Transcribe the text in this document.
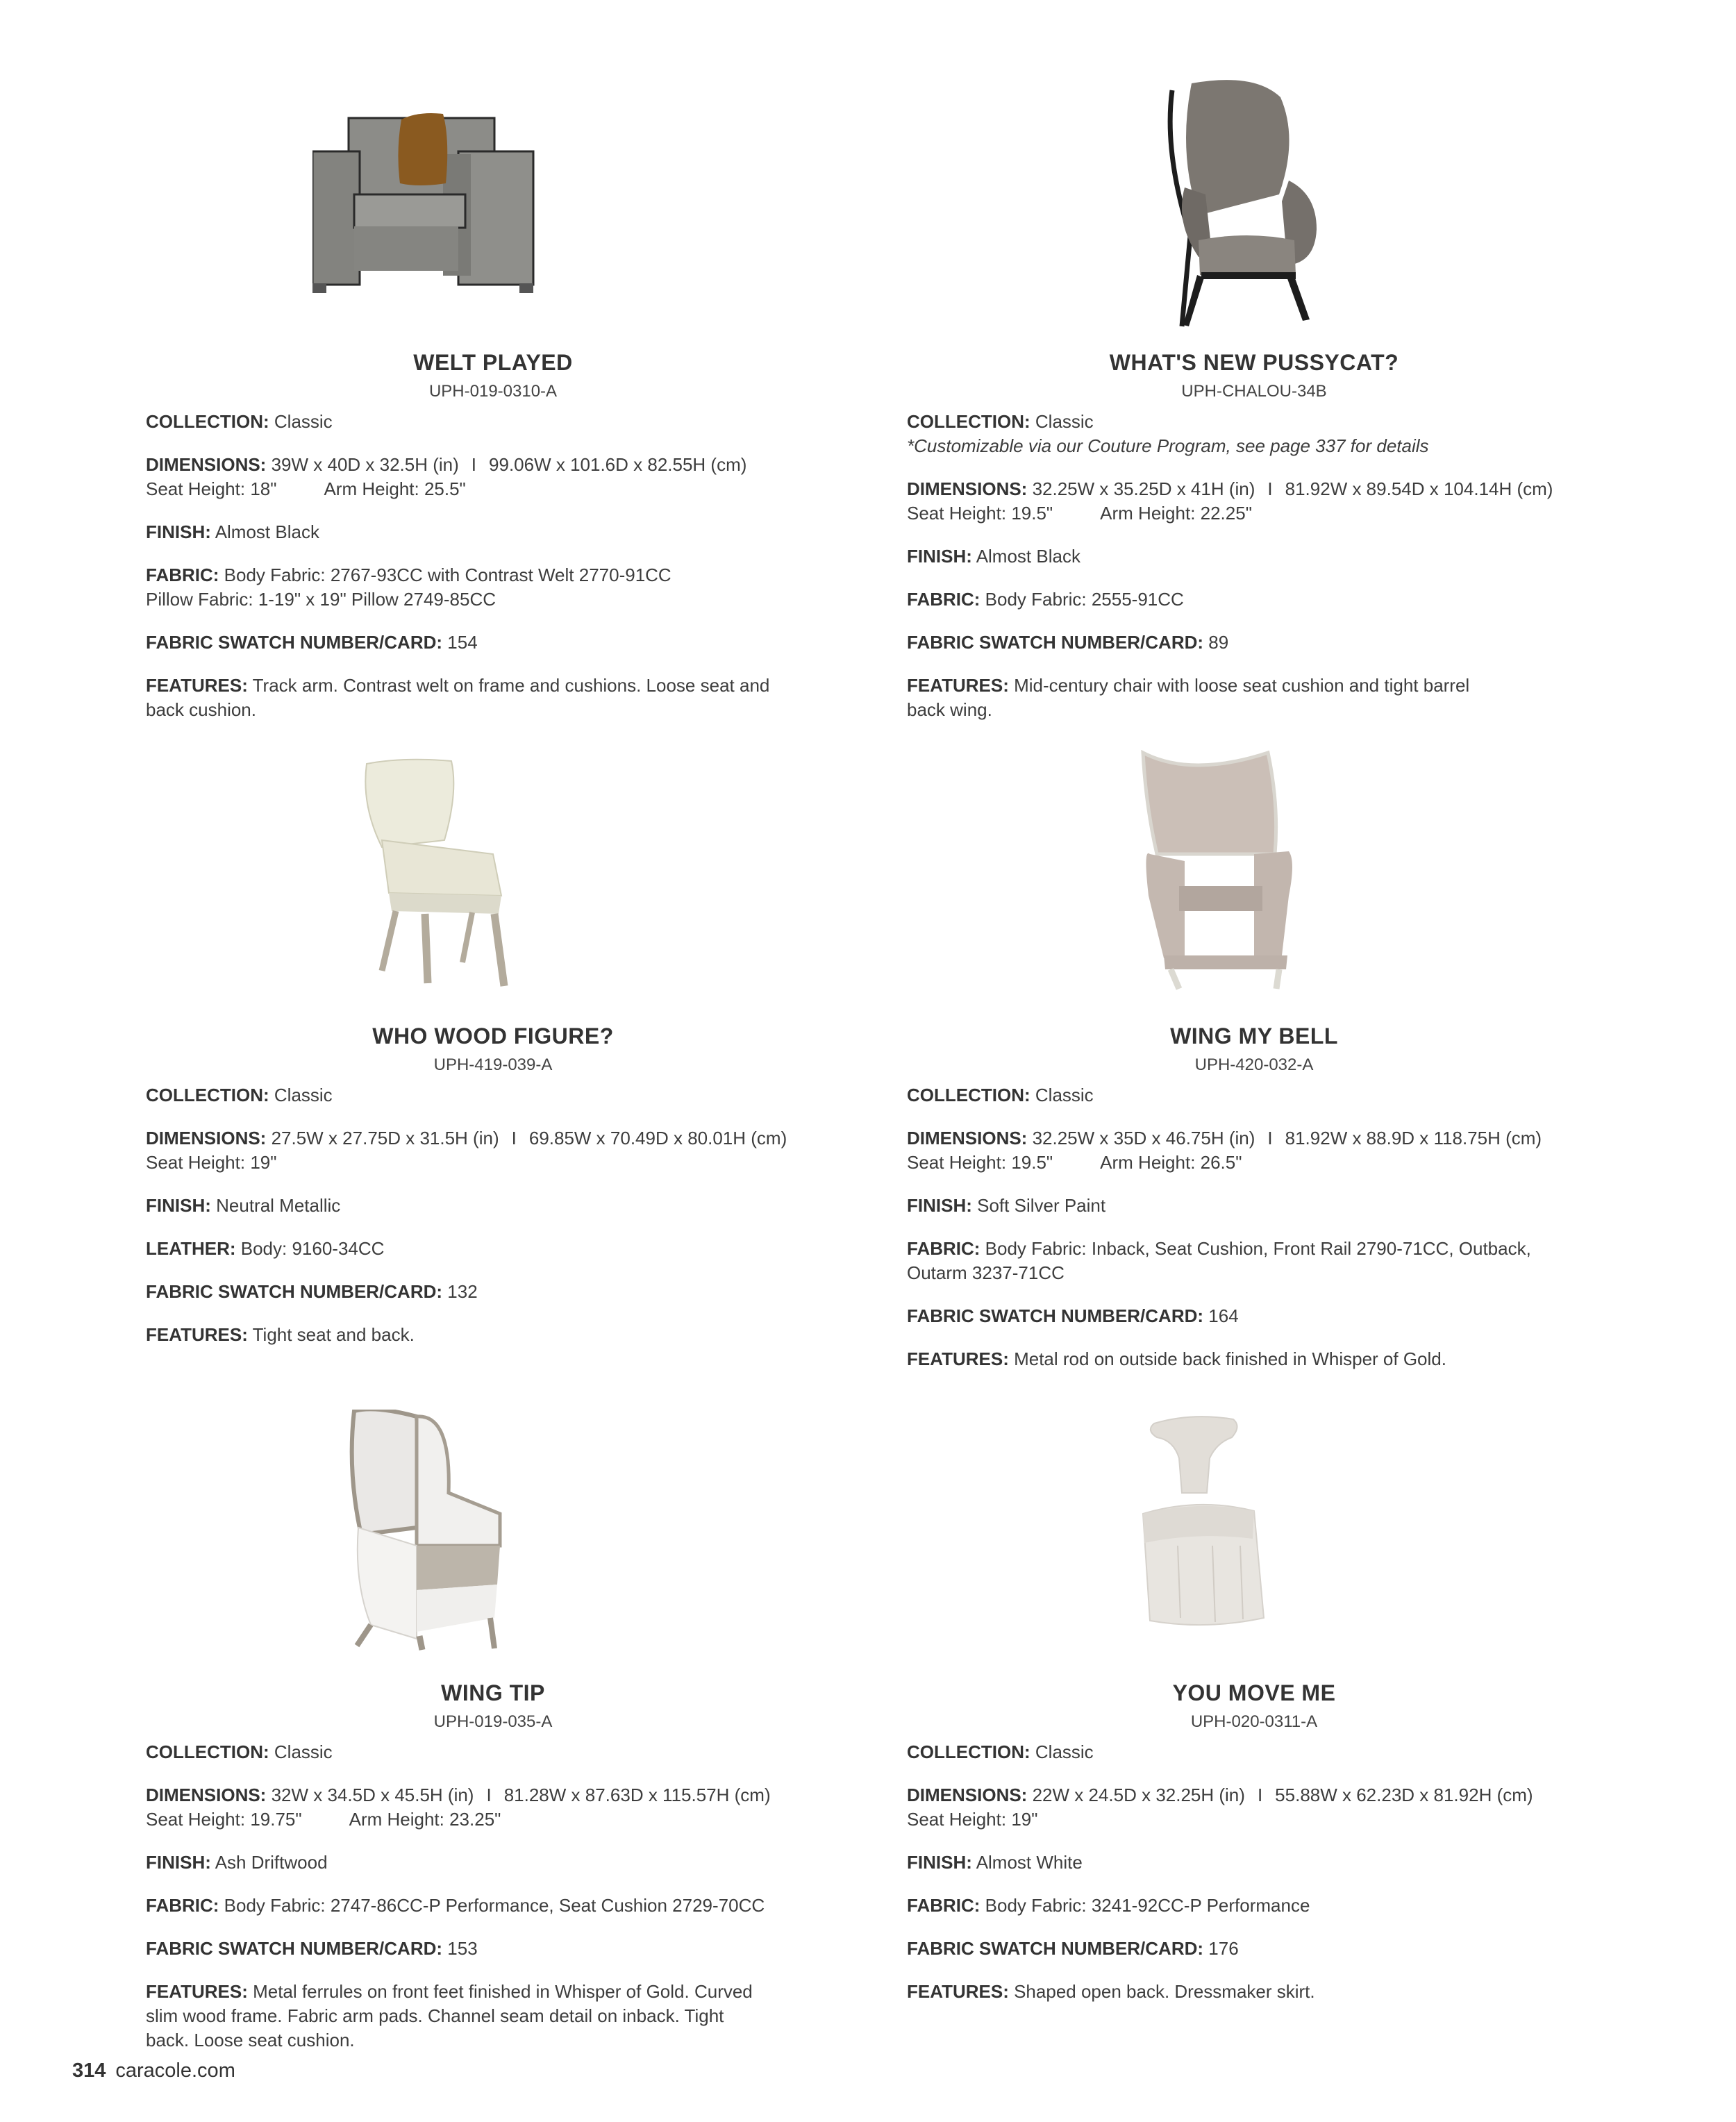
WELT PLAYED
UPH-019-0310-A

COLLECTION: Classic

DIMENSIONS: 39W x 40D x 32.5H (in) I 99.06W x 101.6D x 82.55H (cm)
Seat Height: 18"	Arm Height: 25.5"

FINISH: Almost Black

FABRIC: Body Fabric: 2767-93CC with Contrast Welt 2770-91CC
Pillow Fabric: 1-19" x 19" Pillow 2749-85CC

FABRIC SWATCH NUMBER/CARD: 154

FEATURES: Track arm. Contrast welt on frame and cushions. Loose seat and
back cushion.

WHAT'S NEW PUSSYCAT?
UPH-CHALOU-34B

COLLECTION: Classic
*Customizable via our Couture Program, see page 337 for details

DIMENSIONS: 32.25W x 35.25D x 41H (in) I 81.92W x 89.54D x 104.14H (cm)
Seat Height: 19.5"	Arm Height: 22.25"

FINISH: Almost Black

FABRIC: Body Fabric: 2555-91CC

FABRIC SWATCH NUMBER/CARD: 89

FEATURES: Mid-century chair with loose seat cushion and tight barrel
back wing.

WHO WOOD FIGURE?
UPH-419-039-A

COLLECTION: Classic

DIMENSIONS: 27.5W x 27.75D x 31.5H (in) I 69.85W x 70.49D x 80.01H (cm)
Seat Height: 19"

FINISH: Neutral Metallic

LEATHER: Body: 9160-34CC

FABRIC SWATCH NUMBER/CARD: 132

FEATURES: Tight seat and back.

WING MY BELL
UPH-420-032-A

COLLECTION: Classic

DIMENSIONS: 32.25W x 35D x 46.75H (in) I 81.92W x 88.9D x 118.75H (cm)
Seat Height: 19.5"	Arm Height: 26.5"

FINISH: Soft Silver Paint

FABRIC: Body Fabric: Inback, Seat Cushion, Front Rail 2790-71CC, Outback,
Outarm 3237-71CC

FABRIC SWATCH NUMBER/CARD: 164

FEATURES: Metal rod on outside back finished in Whisper of Gold.

WING TIP
UPH-019-035-A

COLLECTION: Classic

DIMENSIONS: 32W x 34.5D x 45.5H (in) I 81.28W x 87.63D x 115.57H (cm)
Seat Height: 19.75"	Arm Height: 23.25"

FINISH: Ash Driftwood

FABRIC: Body Fabric: 2747-86CC-P Performance, Seat Cushion 2729-70CC

FABRIC SWATCH NUMBER/CARD: 153

FEATURES: Metal ferrules on front feet finished in Whisper of Gold. Curved
slim wood frame. Fabric arm pads. Channel seam detail on inback. Tight
back. Loose seat cushion.

YOU MOVE ME
UPH-020-0311-A

COLLECTION: Classic

DIMENSIONS: 22W x 24.5D x 32.25H (in) I 55.88W x 62.23D x 81.92H (cm)
Seat Height: 19"

FINISH: Almost White

FABRIC: Body Fabric: 3241-92CC-P Performance

FABRIC SWATCH NUMBER/CARD: 176

FEATURES: Shaped open back. Dressmaker skirt.

314 caracole.com
